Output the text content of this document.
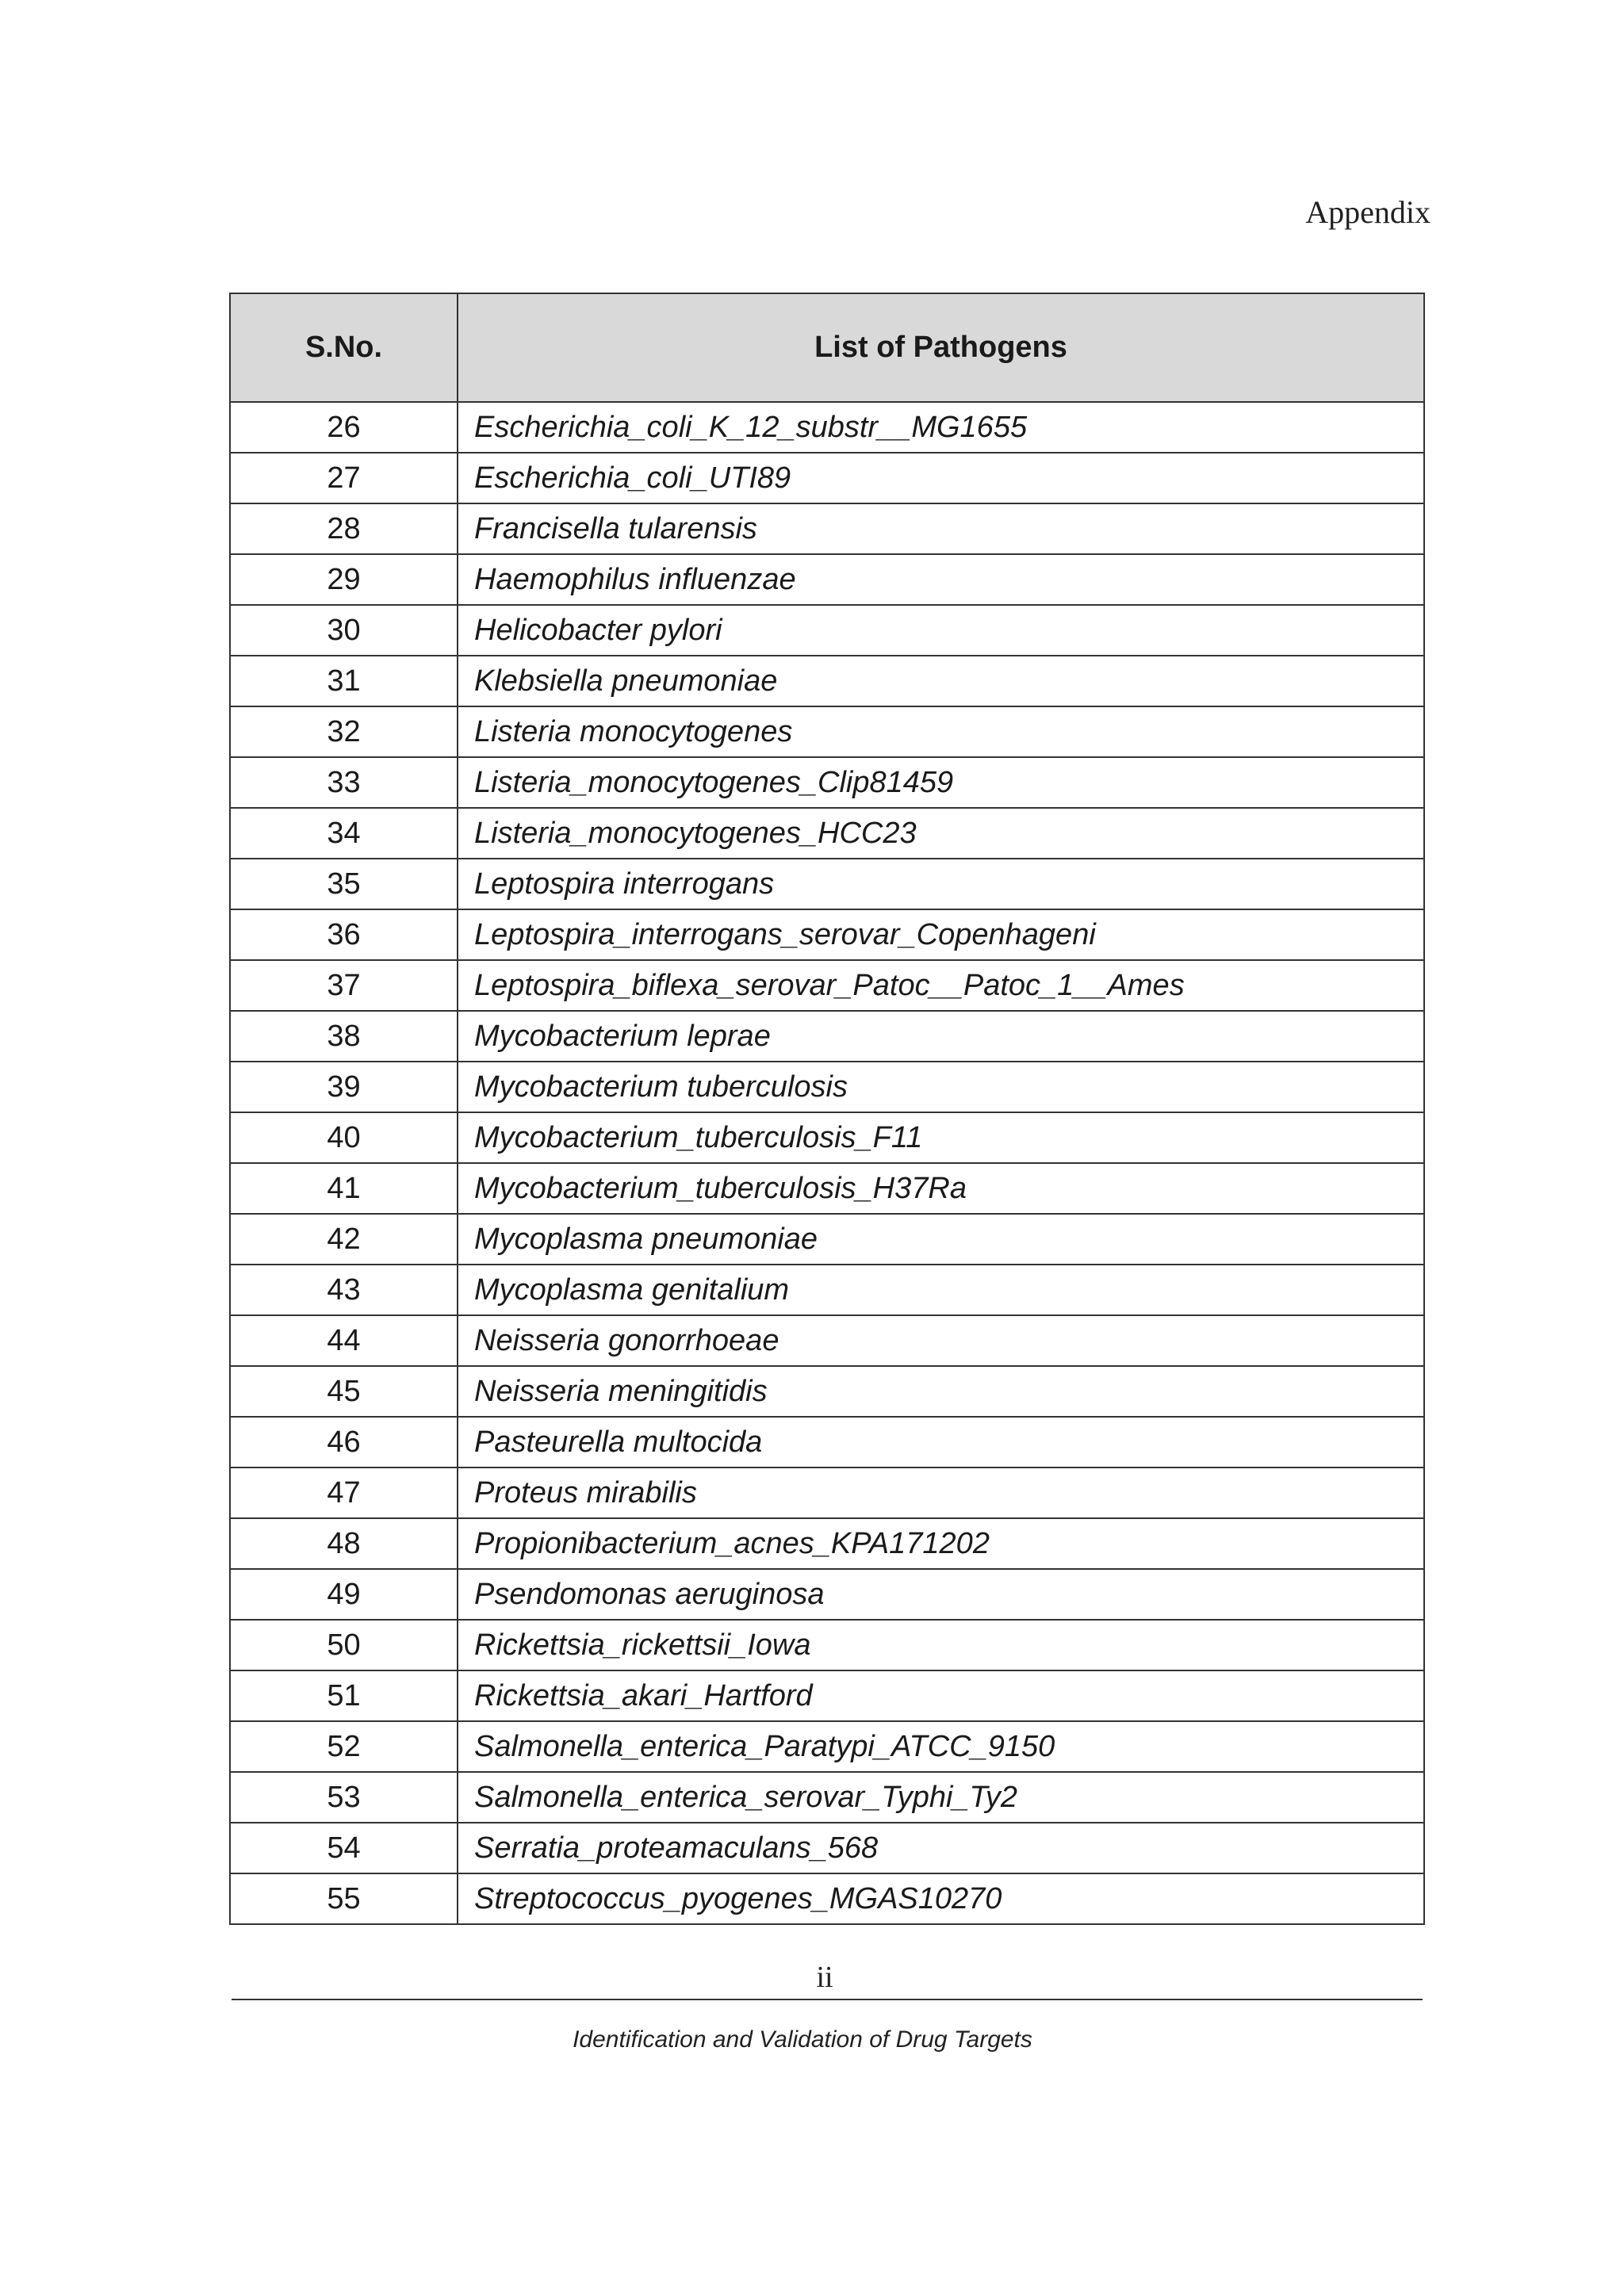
Appendix
S.No.	List of Pathogens
26	Escherichia_coli_K_12_substr__MG1655
27	Escherichia_coli_UTI89
28	Francisella tularensis
29	Haemophilus influenzae
30	Helicobacter pylori
31	Klebsiella pneumoniae
32	Listeria monocytogenes
33	Listeria_monocytogenes_Clip81459
34	Listeria_monocytogenes_HCC23
35	Leptospira interrogans
36	Leptospira_interrogans_serovar_Copenhageni
37	Leptospira_biflexa_serovar_Patoc__Patoc_1__Ames
38	Mycobacterium leprae
39	Mycobacterium tuberculosis
40	Mycobacterium_tuberculosis_F11
41	Mycobacterium_tuberculosis_H37Ra
42	Mycoplasma pneumoniae
43	Mycoplasma genitalium
44	Neisseria gonorrhoeae
45	Neisseria meningitidis
46	Pasteurella multocida
47	Proteus mirabilis
48	Propionibacterium_acnes_KPA171202
49	Psendomonas aeruginosa
50	Rickettsia_rickettsii_Iowa
51	Rickettsia_akari_Hartford
52	Salmonella_enterica_Paratypi_ATCC_9150
53	Salmonella_enterica_serovar_Typhi_Ty2
54	Serratia_proteamaculans_568
55	Streptococcus_pyogenes_MGAS10270
ii
Identification and Validation of Drug Targets
